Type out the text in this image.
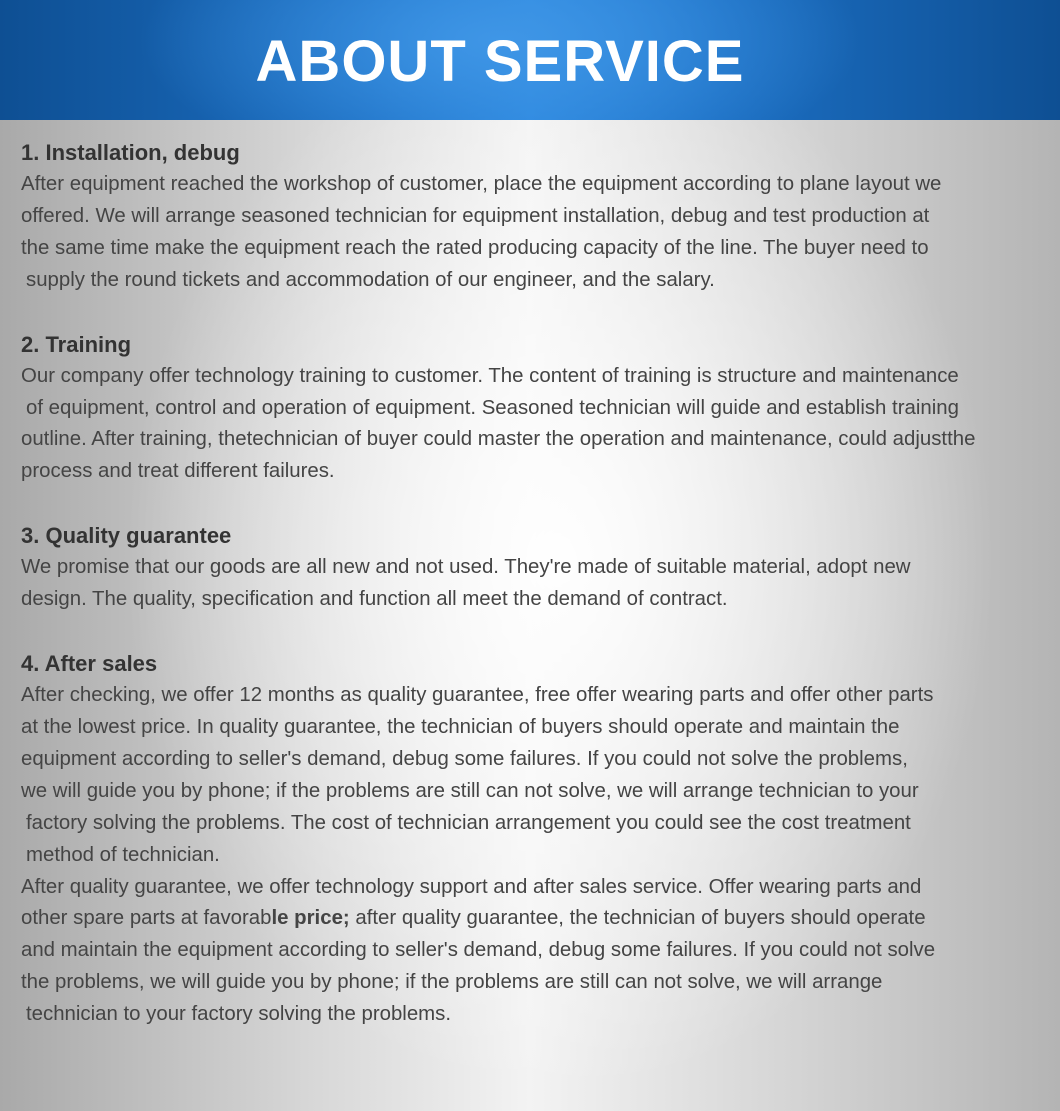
ABOUT SERVICE
1. Installation, debug

After equipment reached the workshop of customer, place the equipment according to plane layout we
offered. We will arrange seasoned technician for equipment installation, debug and test production at
the same time make the equipment reach the rated producing capacity of the line. The buyer need to
supply the round tickets and accommodation of our engineer, and the salary.

2. Training

Our company offer technology training to customer. The content of training is structure and maintenance
of equipment, control and operation of equipment. Seasoned technician will guide and establish training
outline. After training, thetechnician of buyer could master the operation and maintenance, could adjustthe
process and treat different failures.

3. Quality guarantee

We promise that our goods are all new and not used. They're made of suitable material, adopt new
design. The quality, specification and function all meet the demand of contract.

4. After sales

After checking, we offer 12 months as quality guarantee, free offer wearing parts and offer other parts
at the lowest price. In quality guarantee, the technician of buyers should operate and maintain the
equipment according to seller's demand, debug some failures. If you could not solve the problems,
we will guide you by phone; if the problems are still can not solve, we will arrange technician to your
factory solving the problems. The cost of technician arrangement you could see the cost treatment
method of technician.
After quality guarantee, we offer technology support and after sales service. Offer wearing parts and
other spare parts at favorable price; after quality guarantee, the technician of buyers should operate
and maintain the equipment according to seller's demand, debug some failures. If you could not solve
the problems, we will guide you by phone; if the problems are still can not solve, we will arrange
technician to your factory solving the problems.
